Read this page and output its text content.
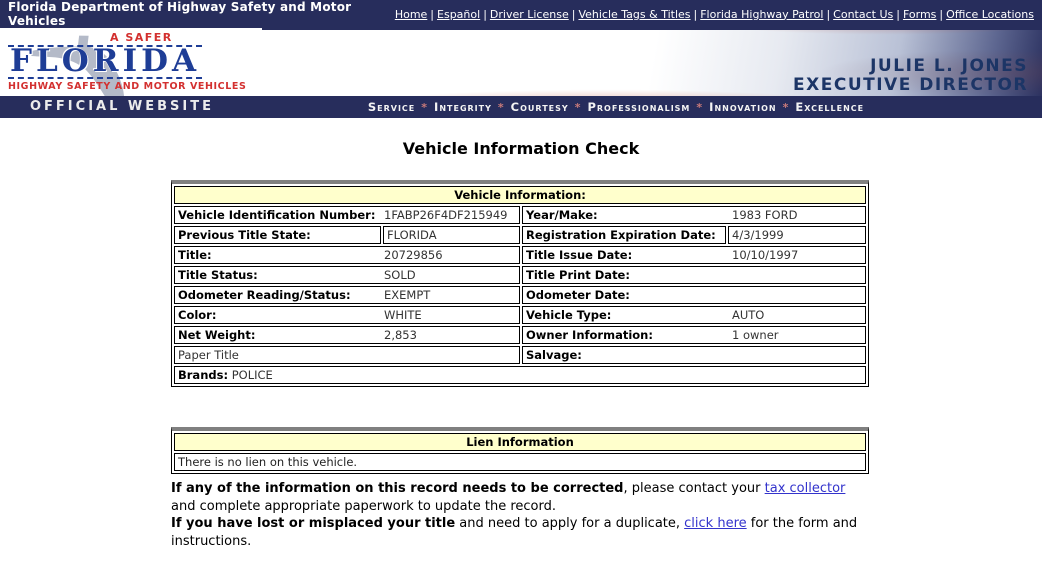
Florida Department of Highway Safety and Motor Vehicles	Home | Español | Driver License | Vehicle Tags & Titles | Florida Highway Patrol | Contact Us | Forms | Office Locations
A SAFER
FLORIDA
HIGHWAY SAFETY AND MOTOR VEHICLES
JULIE L. JONES
EXECUTIVE DIRECTOR
OFFICIAL WEBSITE	Service * Integrity * Courtesy * Professionalism * Innovation * Excellence
Vehicle Information Check
Vehicle Information:			
Vehicle Identification Number: 1FABP26F4DF215949		Year/Make: 1983 FORD	
Previous Title State:	FLORIDA	Registration Expiration Date:	4/3/1999
Title: 20729856		Title Issue Date: 10/10/1997	
Title Status: SOLD		Title Print Date:	
Odometer Reading/Status: EXEMPT		Odometer Date:	
Color: WHITE		Vehicle Type: AUTO	
Net Weight: 2,853		Owner Information: 1 owner	
Paper Title		Salvage:	
Brands: POLICE			
Lien Information
There is no lien on this vehicle.

If any of the information on this record needs to be corrected, please contact your tax collector and complete appropriate paperwork to update the record.

If you have lost or misplaced your title and need to apply for a duplicate, click here for the form and instructions.
